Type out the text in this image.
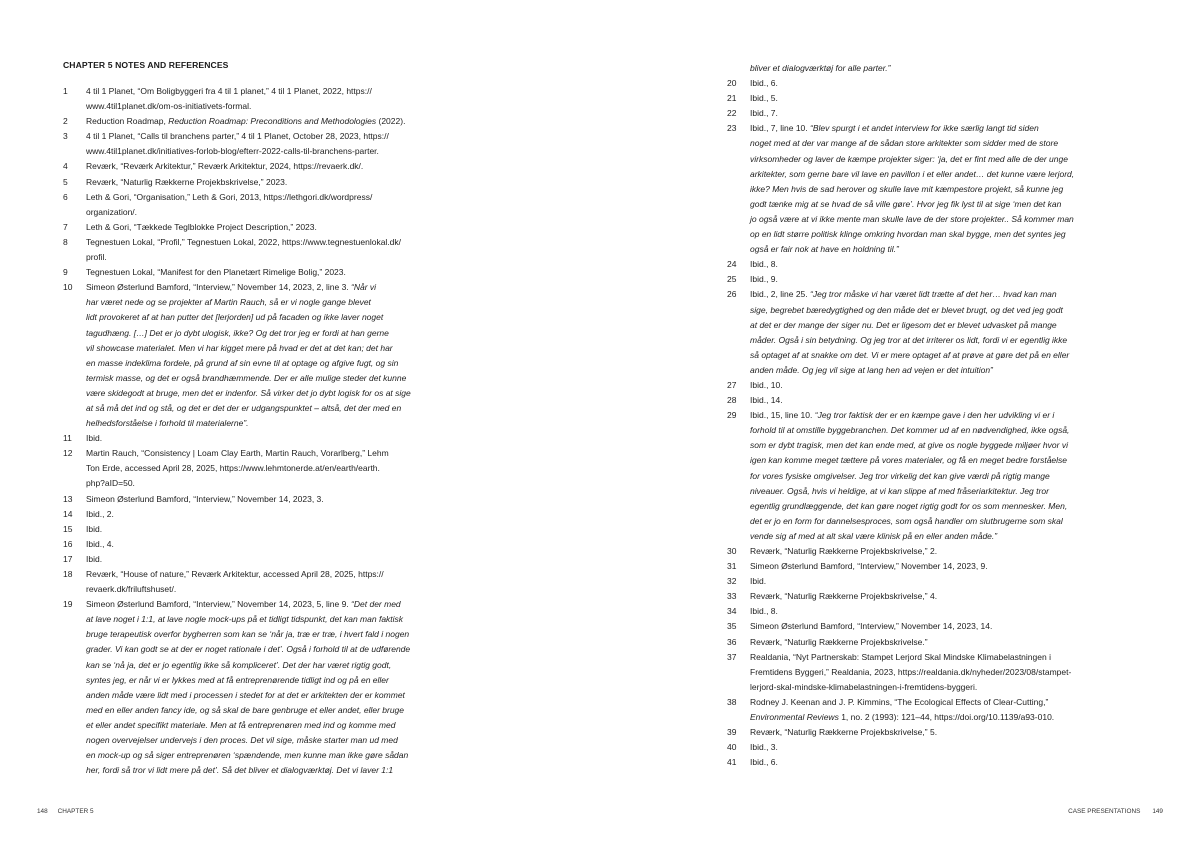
CHAPTER 5 NOTES AND REFERENCES
1	4 til 1 Planet, “Om Boligbyggeri fra 4 til 1 planet,” 4 til 1 Planet, 2022, https://
www.4til1planet.dk/om-os-initiativets-formal.
2	Reduction Roadmap, Reduction Roadmap: Preconditions and Methodologies (2022).
3	4 til 1 Planet, “Calls til branchens parter,” 4 til 1 Planet, October 28, 2023, https://
www.4til1planet.dk/initiatives-forlob-blog/efterr-2022-calls-til-branchens-parter.
4	Reværk, “Reværk Arkitektur,” Reværk Arkitektur, 2024, https://revaerk.dk/.
5	Reværk, “Naturlig Rækkerne Projekbskrivelse,” 2023.
6	Leth & Gori, “Organisation,” Leth & Gori, 2013, https://lethgori.dk/wordpress/
organization/.
7	Leth & Gori, “Tækkede Teglblokke Project Description,” 2023.
8	Tegnestuen Lokal, “Profil,” Tegnestuen Lokal, 2022, https://www.tegnestuenlokal.dk/
profil.
9	Tegnestuen Lokal, “Manifest for den Planetært Rimelige Bolig,” 2023.
10	Simeon Østerlund Bamford, “Interview,” November 14, 2023, 2, line 3. “Når vi
har været nede og se projekter af Martin Rauch, så er vi nogle gange blevet
lidt provokeret af at han putter det [lerjorden] ud på facaden og ikke laver noget
tagudhæng. […] Det er jo dybt ulogisk, ikke? Og det tror jeg er fordi at han gerne
vil showcase materialet. Men vi har kigget mere på hvad er det at det kan; det har
en masse indeklima fordele, på grund af sin evne til at optage og afgive fugt, og sin
termisk masse, og det er også brandhæmmende. Der er alle mulige steder det kunne
være skidegodt at bruge, men det er indenfor. Så virker det jo dybt logisk for os at sige
at så må det ind og stå, og det er det der er udgangspunktet – altså, det der med en
helhedsforståelse i forhold til materialerne”.
11	Ibid.
12	Martin Rauch, “Consistency | Loam Clay Earth, Martin Rauch, Vorarlberg,” Lehm
Ton Erde, accessed April 28, 2025, https://www.lehmtonerde.at/en/earth/earth.
php?aID=50.
13	Simeon Østerlund Bamford, “Interview,” November 14, 2023, 3.
14	Ibid., 2.
15	Ibid.
16	Ibid., 4.
17	Ibid.
18	Reværk, “House of nature,” Reværk Arkitektur, accessed April 28, 2025, https://
revaerk.dk/friluftshuset/.
19	Simeon Østerlund Bamford, “Interview,” November 14, 2023, 5, line 9. “Det der med
at lave noget i 1:1, at lave nogle mock-ups på et tidligt tidspunkt, det kan man faktisk
bruge terapeutisk overfor bygherren som kan se ‘når ja, træ er træ, i hvert fald i nogen
grader. Vi kan godt se at der er noget rationale i det’. Også i forhold til at de udførende
kan se ‘nå ja, det er jo egentlig ikke så kompliceret’. Det der har været rigtig godt,
syntes jeg, er når vi er lykkes med at få entreprenørende tidligt ind og på en eller
anden måde være lidt med i processen i stedet for at det er arkitekten der er kommet
med en eller anden fancy ide, og så skal de bare genbruge et eller andet, eller bruge
et eller andet specifikt materiale. Men at få entreprenøren med ind og komme med
nogen overvejelser undervejs i den proces. Det vil sige, måske starter man ud med
en mock-up og så siger entreprenøren ‘spændende, men kunne man ikke gøre sådan
her, fordi så tror vi lidt mere på det’. Så det bliver et dialogværktøj. Det vi laver 1:1
148 CHAPTER 5	CASE PRESENTATIONS 149
bliver et dialogværktøj for alle parter.”
20	Ibid., 6.
21	Ibid., 5.
22	Ibid., 7.
23	Ibid., 7, line 10. “Blev spurgt i et andet interview for ikke særlig langt tid siden
noget med at der var mange af de sådan store arkitekter som sidder med de store
virksomheder og laver de kæmpe projekter siger: ‘ja, det er fint med alle de der unge
arkitekter, som gerne bare vil lave en pavillon i et eller andet… det kunne være lerjord,
ikke? Men hvis de sad herover og skulle lave mit kæmpestore projekt, så kunne jeg
godt tænke mig at se hvad de så ville gøre’. Hvor jeg fik lyst til at sige ‘men det kan
jo også være at vi ikke mente man skulle lave de der store projekter.. Så kommer man
op en lidt større politisk klinge omkring hvordan man skal bygge, men det syntes jeg
også er fair nok at have en holdning til.”
24	Ibid., 8.
25	Ibid., 9.
26	Ibid., 2, line 25. “Jeg tror måske vi har været lidt trætte af det her… hvad kan man
sige, begrebet bæredygtighed og den måde det er blevet brugt, og det ved jeg godt
at det er der mange der siger nu. Det er ligesom det er blevet udvasket på mange
måder. Også i sin betydning. Og jeg tror at det irriterer os lidt, fordi vi er egentlig ikke
så optaget af at snakke om det. Vi er mere optaget af at prøve at gøre det på en eller
anden måde. Og jeg vil sige at lang hen ad vejen er det intuition”
27	Ibid., 10.
28	Ibid., 14.
29	Ibid., 15, line 10. “Jeg tror faktisk der er en kæmpe gave i den her udvikling vi er i
forhold til at omstille byggebranchen. Det kommer ud af en nødvendighed, ikke også,
som er dybt tragisk, men det kan ende med, at give os nogle byggede miljøer hvor vi
igen kan komme meget tættere på vores materialer, og få en meget bedre forståelse
for vores fysiske omgivelser. Jeg tror virkelig det kan give værdi på rigtig mange
niveauer. Også, hvis vi heldige, at vi kan slippe af med fråseriarkitektur. Jeg tror
egentlig grundlæggende, det kan gøre noget rigtig godt for os som mennesker. Men,
det er jo en form for dannelsesproces, som også handler om slutbrugerne som skal
vende sig af med at alt skal være klinisk på en eller anden måde.”
30	Reværk, “Naturlig Rækkerne Projekbskrivelse,” 2.
31	Simeon Østerlund Bamford, “Interview,” November 14, 2023, 9.
32	Ibid.
33	Reværk, “Naturlig Rækkerne Projekbskrivelse,” 4.
34	Ibid., 8.
35	Simeon Østerlund Bamford, “Interview,” November 14, 2023, 14.
36	Reværk, “Naturlig Rækkerne Projekbskrivelse.”
37	Realdania, “Nyt Partnerskab: Stampet Lerjord Skal Mindske Klimabelastningen i
Fremtidens Byggeri,” Realdania, 2023, https://realdania.dk/nyheder/2023/08/stampet-
lerjord-skal-mindske-klimabelastningen-i-fremtidens-byggeri.
38	Rodney J. Keenan and J. P. Kimmins, “The Ecological Effects of Clear-Cutting,”
Environmental Reviews 1, no. 2 (1993): 121–44, https://doi.org/10.1139/a93-010.
39	Reværk, “Naturlig Rækkerne Projekbskrivelse,” 5.
40	Ibid., 3.
41	Ibid., 6.
